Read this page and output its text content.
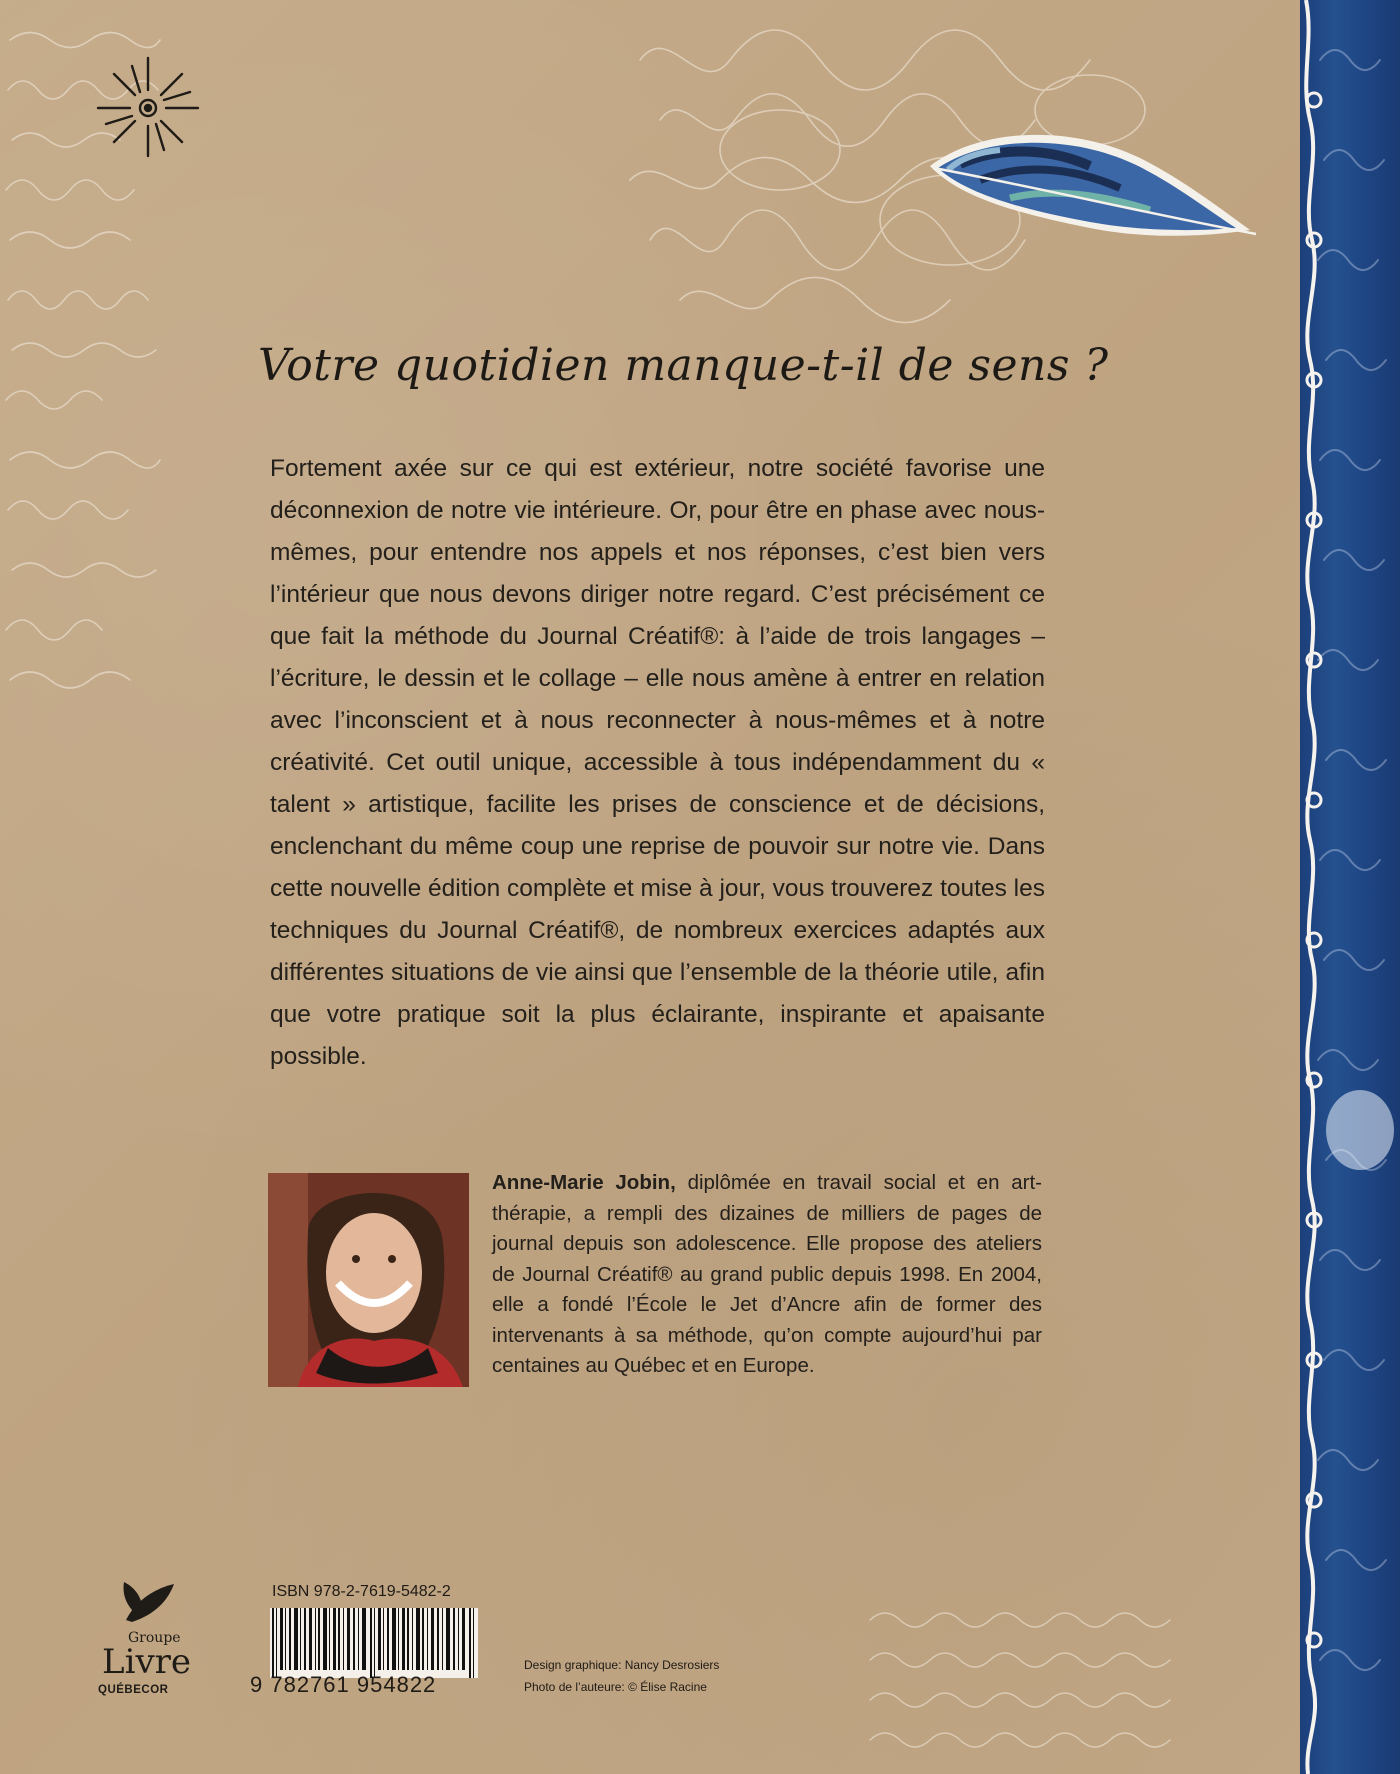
Votre quotidien manque-t-il de sens ?

Fortement axée sur ce qui est extérieur, notre société favorise une déconnexion de notre vie intérieure. Or, pour être en phase avec nous-mêmes, pour entendre nos appels et nos réponses, c’est bien vers l’intérieur que nous devons diriger notre regard. C’est précisément ce que fait la méthode du Journal Créatif®: à l’aide de trois langages – l’écriture, le dessin et le collage – elle nous amène à entrer en relation avec l’inconscient et à nous reconnecter à nous-mêmes et à notre créativité. Cet outil unique, accessible à tous indépendamment du « talent » artistique, facilite les prises de conscience et de décisions, enclenchant du même coup une reprise de pouvoir sur notre vie. Dans cette nouvelle édition complète et mise à jour, vous trouverez toutes les techniques du Journal Créatif®, de nombreux exercices adaptés aux différentes situations de vie ainsi que l’ensemble de la théorie utile, afin que votre pratique soit la plus éclairante, inspirante et apaisante possible.

Anne-Marie Jobin, diplômée en travail social et en art-thérapie, a rempli des dizaines de milliers de pages de journal depuis son adolescence. Elle propose des ateliers de Journal Créatif® au grand public depuis 1998. En 2004, elle a fondé l’École le Jet d’Ancre afin de former des intervenants à sa méthode, qu’on compte aujourd’hui par centaines au Québec et en Europe.

Groupe
Livre
QUÉBECOR
ISBN 978-2-7619-5482-2
9 782761 954822
Design graphique: Nancy Desrosiers
Photo de l’auteure: © Élise Racine
